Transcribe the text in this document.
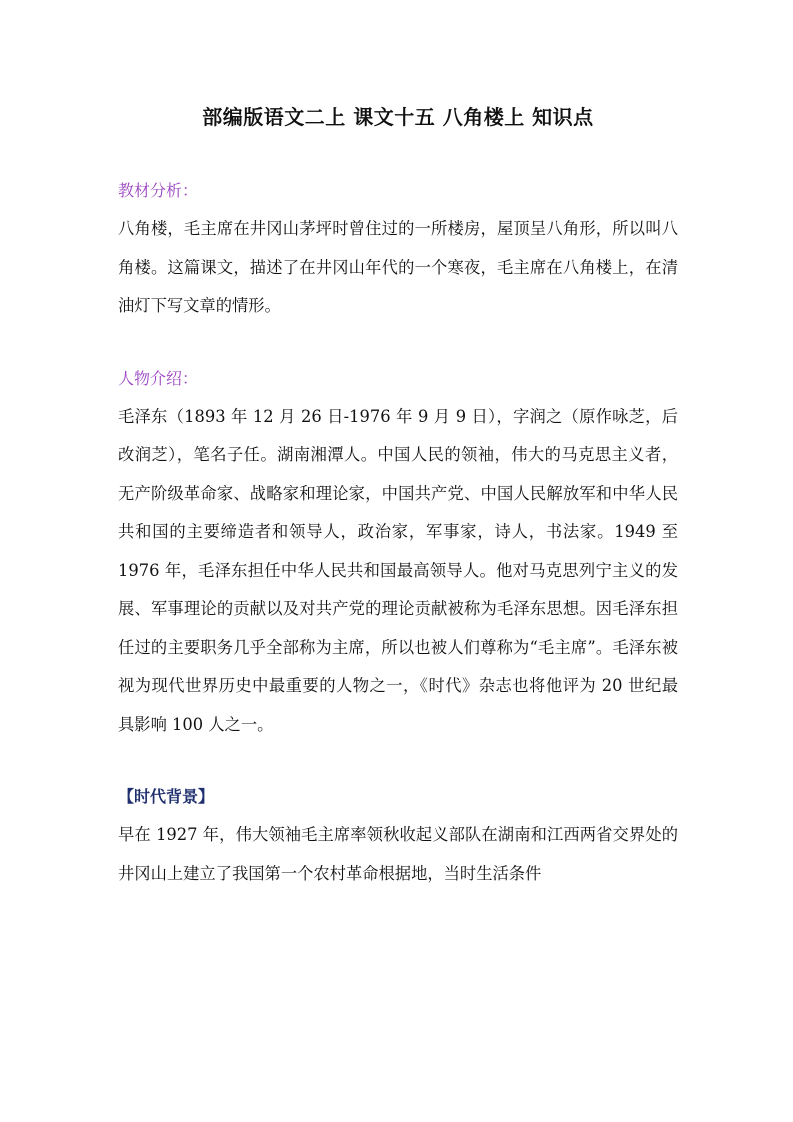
部编版语文二上 课文十五 八角楼上 知识点

教材分析：

八角楼，毛主席在井冈山茅坪时曾住过的一所楼房，屋顶呈八角形，所以叫八角楼。这篇课文，描述了在井冈山年代的一个寒夜，毛主席在八角楼上，在清油灯下写文章的情形。

人物介绍：

毛泽东（1893 年 12 月 26 日-1976 年 9 月 9 日），字润之（原作咏芝，后改润芝），笔名子任。湖南湘潭人。中国人民的领袖，伟大的马克思主义者，无产阶级革命家、战略家和理论家，中国共产党、中国人民解放军和中华人民共和国的主要缔造者和领导人，政治家，军事家，诗人，书法家。1949 至 1976 年，毛泽东担任中华人民共和国最高领导人。他对马克思列宁主义的发展、军事理论的贡献以及对共产党的理论贡献被称为毛泽东思想。因毛泽东担任过的主要职务几乎全部称为主席，所以也被人们尊称为“毛主席”。毛泽东被视为现代世界历史中最重要的人物之一，《时代》杂志也将他评为 20 世纪最具影响 100 人之一。

【时代背景】

早在 1927 年，伟大领袖毛主席率领秋收起义部队在湖南和江西两省交界处的井冈山上建立了我国第一个农村革命根据地，当时生活条件
